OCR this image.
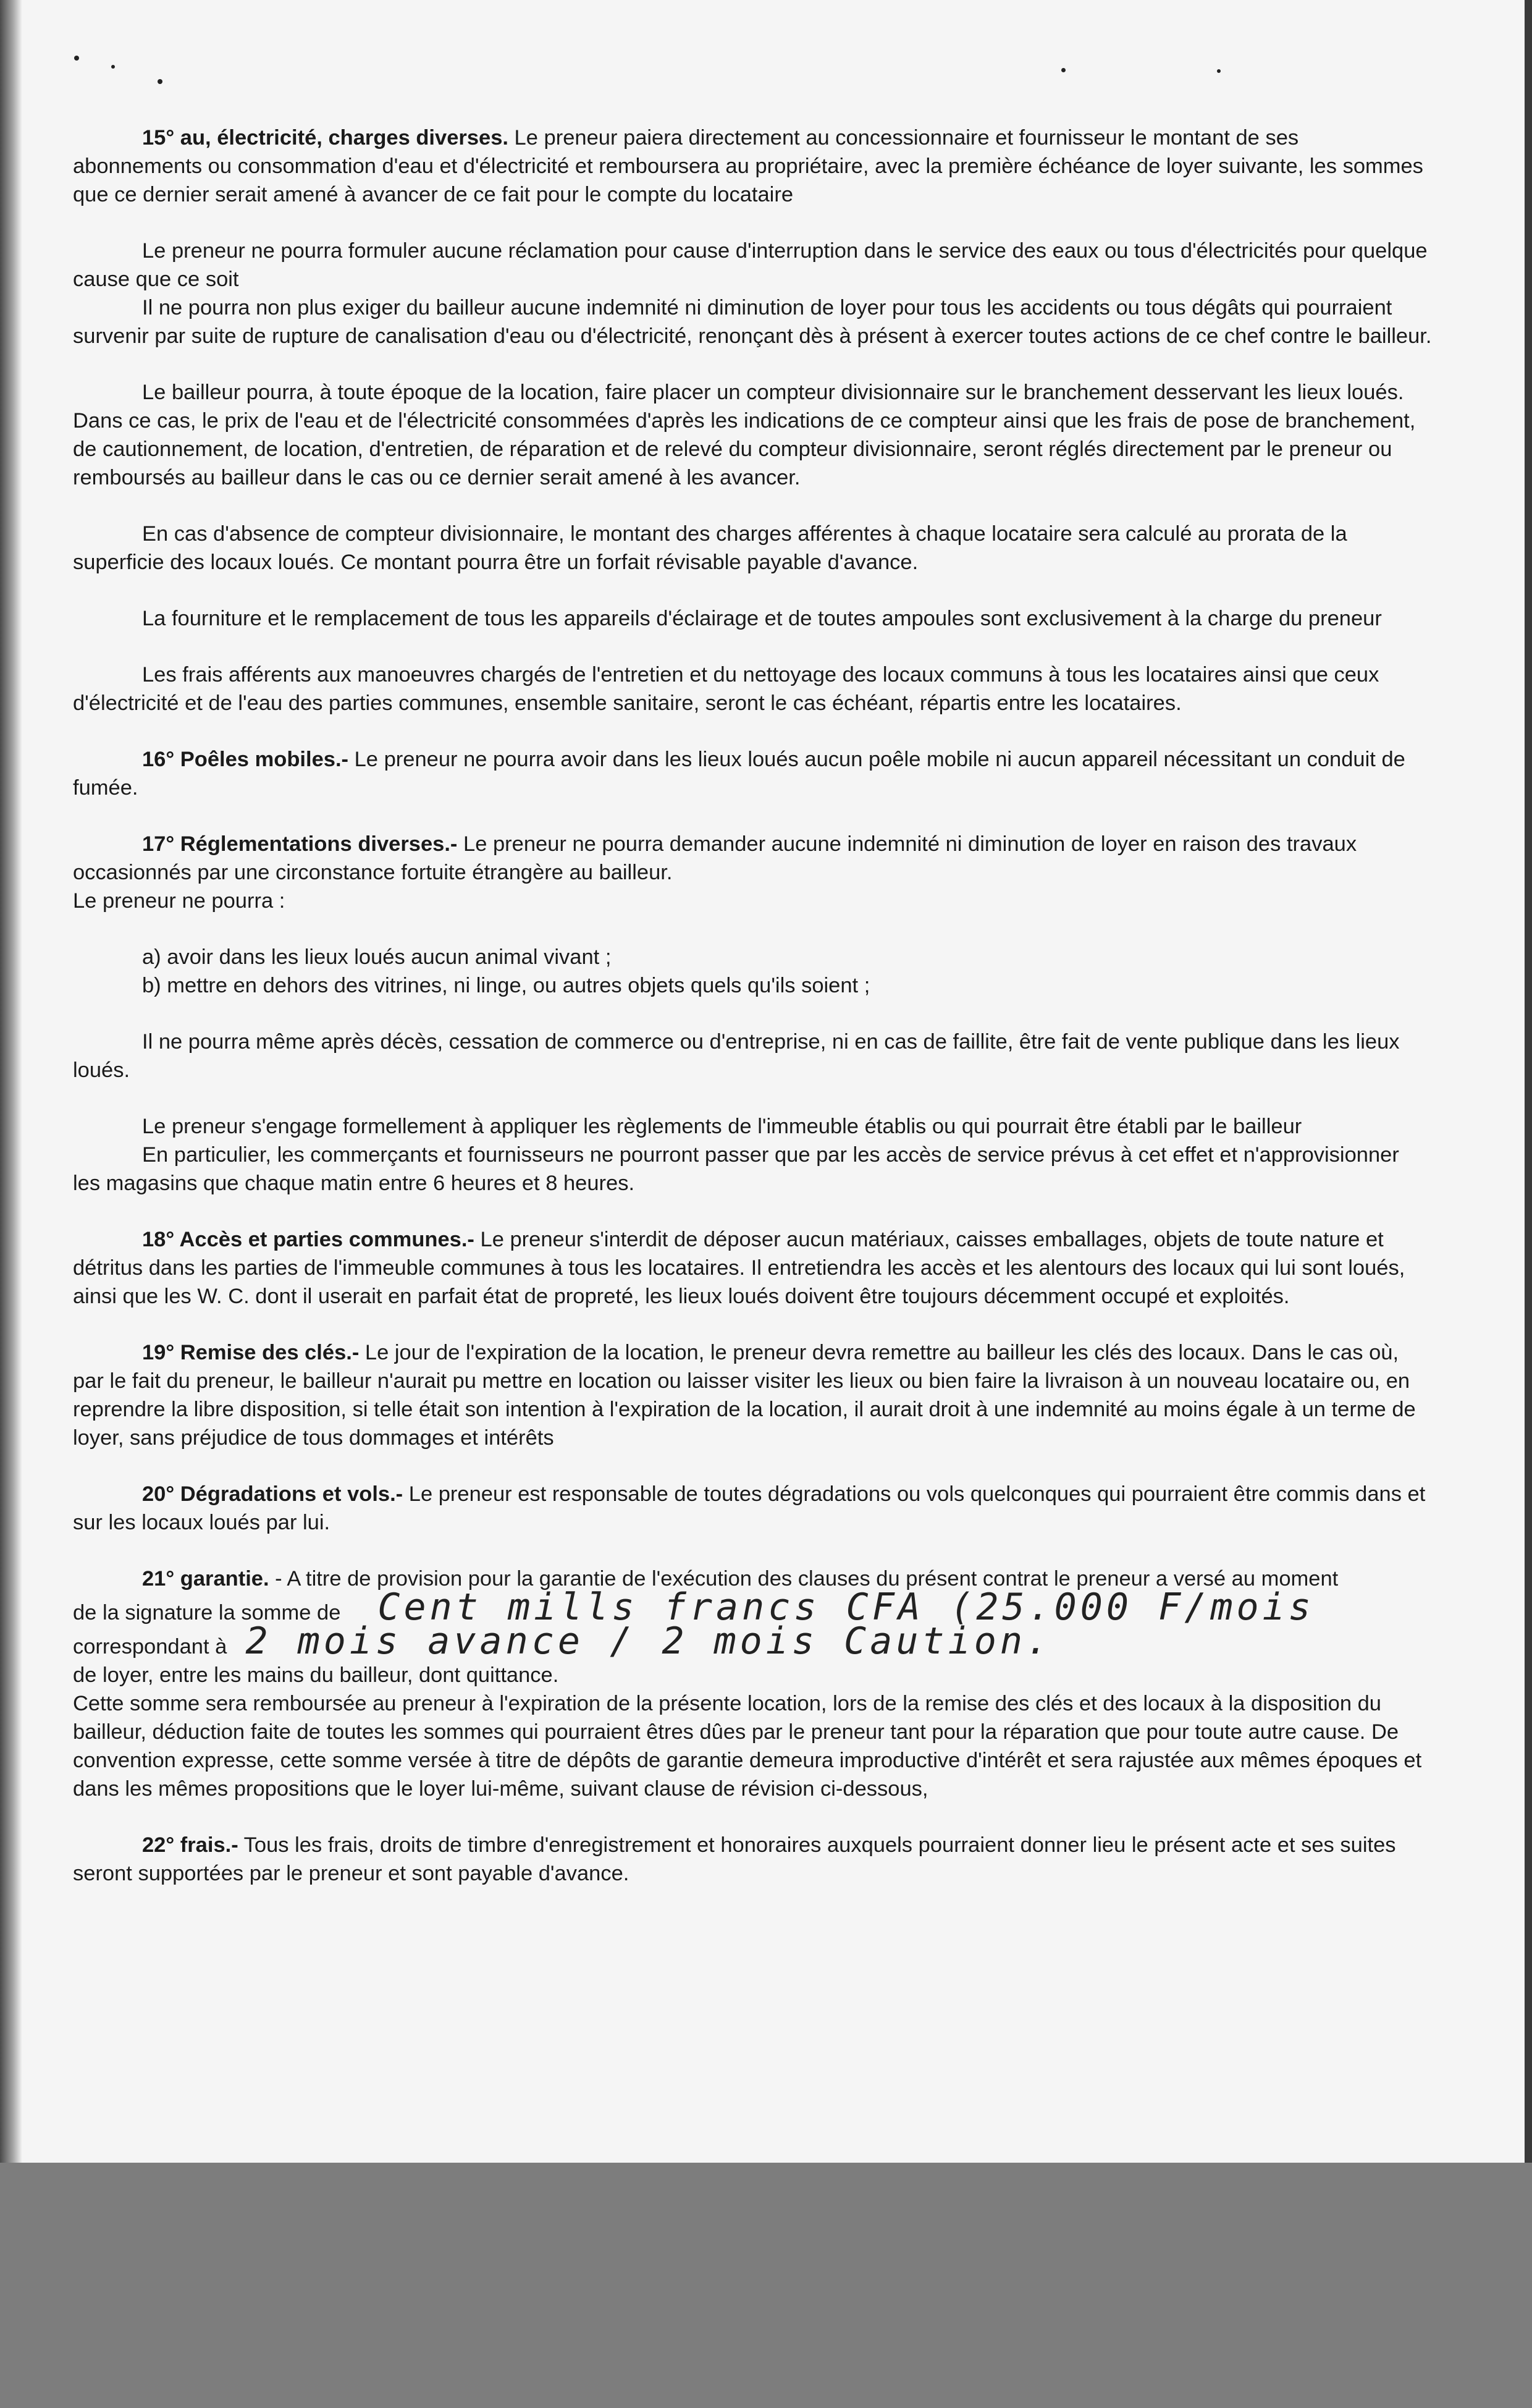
15° au, électricité, charges diverses. Le preneur paiera directement au concessionnaire et fournisseur le montant de ses abonnements ou consommation d'eau et d'électricité et remboursera au propriétaire, avec la première échéance de loyer suivante, les sommes que ce dernier serait amené à avancer de ce fait pour le compte du locataire

Le preneur ne pourra formuler aucune réclamation pour cause d'interruption dans le service des eaux ou tous d'électricités pour quelque cause que ce soit

Il ne pourra non plus exiger du bailleur aucune indemnité ni diminution de loyer pour tous les accidents ou tous dégâts qui pourraient survenir par suite de rupture de canalisation d'eau ou d'électricité, renonçant dès à présent à exercer toutes actions de ce chef contre le bailleur.

Le bailleur pourra, à toute époque de la location, faire placer un compteur divisionnaire sur le branchement desservant les lieux loués. Dans ce cas, le prix de l'eau et de l'électricité consommées d'après les indications de ce compteur ainsi que les frais de pose de branchement, de cautionnement, de location, d'entretien, de réparation et de relevé du compteur divisionnaire, seront réglés directement par le preneur ou remboursés au bailleur dans le cas ou ce dernier serait amené à les avancer.

En cas d'absence de compteur divisionnaire, le montant des charges afférentes à chaque locataire sera calculé au prorata de la superficie des locaux loués. Ce montant pourra être un forfait révisable payable d'avance.

La fourniture et le remplacement de tous les appareils d'éclairage et de toutes ampoules sont exclusivement à la charge du preneur

Les frais afférents aux manoeuvres chargés de l'entretien et du nettoyage des locaux communs à tous les locataires ainsi que ceux d'électricité et de l'eau des parties communes, ensemble sanitaire, seront le cas échéant, répartis entre les locataires.

16° Poêles mobiles.- Le preneur ne pourra avoir dans les lieux loués aucun poêle mobile ni aucun appareil nécessitant un conduit de fumée.

17° Réglementations diverses.- Le preneur ne pourra demander aucune indemnité ni diminution de loyer en raison des travaux occasionnés par une circonstance fortuite étrangère au bailleur.

Le preneur ne pourra :

a) avoir dans les lieux loués aucun animal vivant ;
b) mettre en dehors des vitrines, ni linge, ou autres objets quels qu'ils soient ;

Il ne pourra même après décès, cessation de commerce ou d'entreprise, ni en cas de faillite, être fait de vente publique dans les lieux loués.

Le preneur s'engage formellement à appliquer les règlements de l'immeuble établis ou qui pourrait être établi par le bailleur

En particulier, les commerçants et fournisseurs ne pourront passer que par les accès de service prévus à cet effet et n'approvisionner les magasins que chaque matin entre 6 heures et 8 heures.

18° Accès et parties communes.- Le preneur s'interdit de déposer aucun matériaux, caisses emballages, objets de toute nature et détritus dans les parties de l'immeuble communes à tous les locataires. Il entretiendra les accès et les alentours des locaux qui lui sont loués, ainsi que les W. C. dont il userait en parfait état de propreté, les lieux loués doivent être toujours décemment occupé et exploités.

19° Remise des clés.- Le jour de l'expiration de la location, le preneur devra remettre au bailleur les clés des locaux. Dans le cas où, par le fait du preneur, le bailleur n'aurait pu mettre en location ou laisser visiter les lieux ou bien faire la livraison à un nouveau locataire ou, en reprendre la libre disposition, si telle était son intention à l'expiration de la location, il aurait droit à une indemnité au moins égale à un terme de loyer, sans préjudice de tous dommages et intérêts

20° Dégradations et vols.- Le preneur est responsable de toutes dégradations ou vols quelconques qui pourraient être commis dans et sur les locaux loués par lui.

21° garantie. - A titre de provision pour la garantie de l'exécution des clauses du présent contrat le preneur a versé au moment
de la signature la somme de Cent mills francs CFA (25.000 F/mois
correspondant à 2 mois avance / 2 mois Caution.
de loyer, entre les mains du bailleur, dont quittance.
Cette somme sera remboursée au preneur à l'expiration de la présente location, lors de la remise des clés et des locaux à la disposition du bailleur, déduction faite de toutes les sommes qui pourraient êtres dûes par le preneur tant pour la réparation que pour toute autre cause. De convention expresse, cette somme versée à titre de dépôts de garantie demeura improductive d'intérêt et sera rajustée aux mêmes époques et dans les mêmes propositions que le loyer lui-même, suivant clause de révision ci-dessous,

22° frais.- Tous les frais, droits de timbre d'enregistrement et honoraires auxquels pourraient donner lieu le présent acte et ses suites seront supportées par le preneur et sont payable d'avance.
